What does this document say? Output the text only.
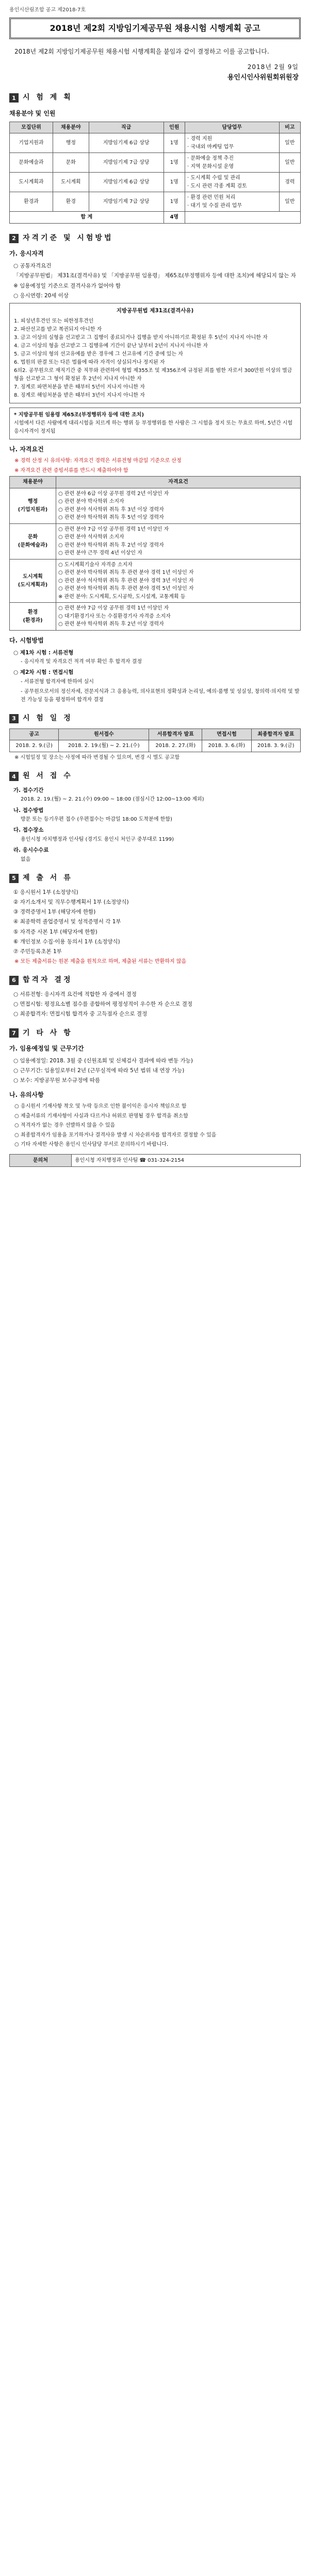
용인시산림조합 공고 제2018-7호
2018년 제2회 지방임기제공무원 채용시험 시행계획 공고
2018년 제2회 지방임기제공무원 채용시험 시행계획을 붙임과 같이 결정하고 이를 공고합니다.
2018년 2월 9일
용인시인사위원회위원장
1 시 험 계 획
채용분야 및 인원
모집단위	채용분야	직급	인원	담당업무	비고
기업지원과	행정	지방임기제 6급 상당	1명	· 경력 지원
· 국내외 마케팅 업무	일반
문화예술과	문화	지방임기제 7급 상당	1명	· 문화예술 정책 추진
· 지역 문화시설 운영	일반
도시계획과	도시계획	지방임기제 6급 상당	1명	· 도시계획 수립 및 관리
· 도시 관련 각종 계획 검토	경력
환경과	환경	지방임기제 7급 상당	1명	· 환경 관련 민원 처리
· 대기 및 수질 관리 업무	일반
합 계			4명		
2 자격기준 및 시험방법
가. 응시자격
○ 공통자격요건
「지방공무원법」 제31조(결격사유) 및 「지방공무원 임용령」 제65조(부정행위자 등에 대한 조치)에 해당되지 않는 자
※ 임용예정일 기준으로 결격사유가 없어야 함
○ 응시연령: 20세 이상
지방공무원법 제31조(결격사유)
1. 피성년후견인 또는 피한정후견인
2. 파산선고를 받고 복권되지 아니한 자
3. 금고 이상의 실형을 선고받고 그 집행이 종료되거나 집행을 받지 아니하기로 확정된 후 5년이 지나지 아니한 자
4. 금고 이상의 형을 선고받고 그 집행유예 기간이 끝난 날부터 2년이 지나지 아니한 자
5. 금고 이상의 형의 선고유예를 받은 경우에 그 선고유예 기간 중에 있는 자
6. 법원의 판결 또는 다른 법률에 따라 자격이 상실되거나 정지된 자
6의2. 공무원으로 재직기간 중 직무와 관련하여 형법 제355조 및 제356조에 규정된 죄를 범한 자로서 300만원 이상의 벌금형을 선고받고 그 형이 확정된 후 2년이 지나지 아니한 자
7. 징계로 파면처분을 받은 때부터 5년이 지나지 아니한 자
8. 징계로 해임처분을 받은 때부터 3년이 지나지 아니한 자
* 지방공무원 임용령 제65조(부정행위자 등에 대한 조치)
시험에서 다른 사람에게 대리시험을 치르게 하는 행위 등 부정행위를 한 사람은 그 시험을 정지 또는 무효로 하며, 5년간 시험 응시자격이 정지됨
나. 자격요건
※ 경력 산정 시 유의사항: 자격요건 경력은 서류전형 마감일 기준으로 산정
※ 자격요건 관련 증빙서류를 반드시 제출하여야 함
채용분야	자격요건
행정
(기업지원과)	○ 관련 분야 6급 이상 공무원 경력 2년 이상인 자
○ 관련 분야 박사학위 소지자
○ 관련 분야 석사학위 취득 후 3년 이상 경력자
○ 관련 분야 학사학위 취득 후 5년 이상 경력자
문화
(문화예술과)	○ 관련 분야 7급 이상 공무원 경력 1년 이상인 자
○ 관련 분야 석사학위 소지자
○ 관련 분야 학사학위 취득 후 2년 이상 경력자
○ 관련 분야 근무 경력 4년 이상인 자
도시계획
(도시계획과)	○ 도시계획기술사 자격증 소지자
○ 관련 분야 박사학위 취득 후 관련 분야 경력 1년 이상인 자
○ 관련 분야 석사학위 취득 후 관련 분야 경력 3년 이상인 자
○ 관련 분야 학사학위 취득 후 관련 분야 경력 5년 이상인 자
※ 관련 분야: 도시계획, 도시공학, 도시설계, 교통계획 등
환경
(환경과)	○ 관련 분야 7급 이상 공무원 경력 1년 이상인 자
○ 대기환경기사 또는 수질환경기사 자격증 소지자
○ 관련 분야 학사학위 취득 후 2년 이상 경력자
다. 시험방법
○ 제1차 시험 : 서류전형
- 응시자격 및 자격요건 적격 여부 확인 후 합격자 결정
○ 제2차 시험 : 면접시험
- 서류전형 합격자에 한하여 실시
- 공무원으로서의 정신자세, 전문지식과 그 응용능력, 의사표현의 정확성과 논리성, 예의·품행 및 성실성, 창의력·의지력 및 발전 가능성 등을 평정하여 합격자 결정
3 시 험 일 정
공고	원서접수	서류합격자 발표	면접시험	최종합격자 발표
2018. 2. 9.(금)	2018. 2. 19.(월) ~ 2. 21.(수)	2018. 2. 27.(화)	2018. 3. 6.(화)	2018. 3. 9.(금)
※ 시험일정 및 장소는 사정에 따라 변경될 수 있으며, 변경 시 별도 공고함
4 원 서 접 수
가. 접수기간
2018. 2. 19.(월) ~ 2. 21.(수) 09:00 ~ 18:00 (점심시간 12:00~13:00 제외)
나. 접수방법
방문 또는 등기우편 접수 (우편접수는 마감일 18:00 도착분에 한함)
다. 접수장소
용인시청 자치행정과 인사팀 (경기도 용인시 처인구 중부대로 1199)
라. 응시수수료
없음
5 제 출 서 류
① 응시원서 1부 (소정양식)
② 자기소개서 및 직무수행계획서 1부 (소정양식)
③ 경력증명서 1부 (해당자에 한함)
④ 최종학력 졸업증명서 및 성적증명서 각 1부
⑤ 자격증 사본 1부 (해당자에 한함)
⑥ 개인정보 수집·이용 동의서 1부 (소정양식)
⑦ 주민등록초본 1부
※ 모든 제출서류는 원본 제출을 원칙으로 하며, 제출된 서류는 반환하지 않음
6 합격자 결정
○ 서류전형: 응시자격 요건에 적합한 자 중에서 결정
○ 면접시험: 평정요소별 점수를 종합하여 평정성적이 우수한 자 순으로 결정
○ 최종합격자: 면접시험 합격자 중 고득점자 순으로 결정
7 기 타 사 항
가. 임용예정일 및 근무기간
○ 임용예정일: 2018. 3월 중 (신원조회 및 신체검사 결과에 따라 변동 가능)
○ 근무기간: 임용일로부터 2년 (근무실적에 따라 5년 범위 내 연장 가능)
○ 보수: 지방공무원 보수규정에 따름
나. 유의사항
○ 응시원서 기재사항 착오 및 누락 등으로 인한 불이익은 응시자 책임으로 함
○ 제출서류의 기재사항이 사실과 다르거나 허위로 판명될 경우 합격을 취소함
○ 적격자가 없는 경우 선발하지 않을 수 있음
○ 최종합격자가 임용을 포기하거나 결격사유 발생 시 차순위자를 합격자로 결정할 수 있음
○ 기타 자세한 사항은 용인시 인사담당 부서로 문의하시기 바랍니다.
문의처	용인시청 자치행정과 인사팀 ☎ 031-324-2154
